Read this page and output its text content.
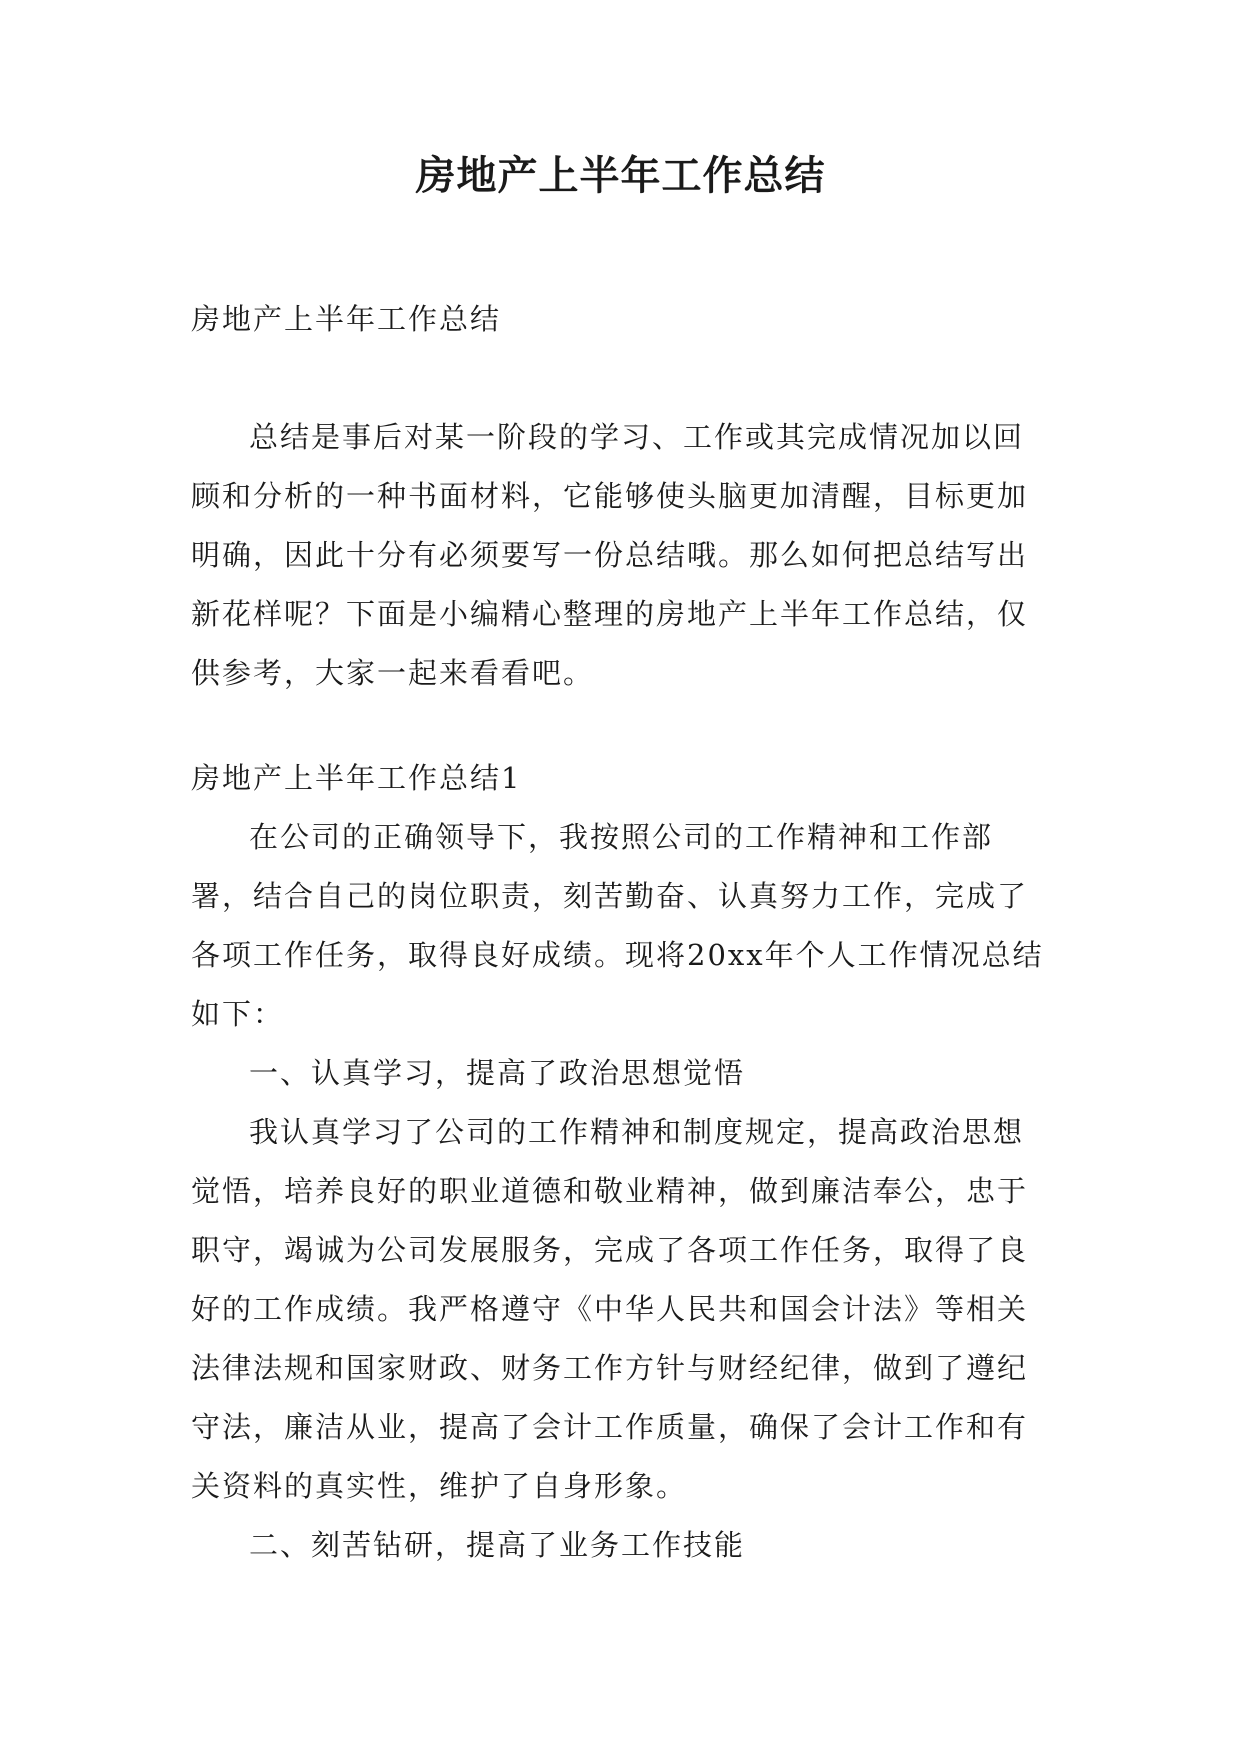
房地产上半年工作总结

房地产上半年工作总结

总结是事后对某一阶段的学习、工作或其完成情况加以回顾和分析的一种书面材料，它能够使头脑更加清醒，目标更加明确，因此十分有必须要写一份总结哦。那么如何把总结写出新花样呢？下面是小编精心整理的房地产上半年工作总结，仅供参考，大家一起来看看吧。

房地产上半年工作总结1

在公司的正确领导下，我按照公司的工作精神和工作部署，结合自己的岗位职责，刻苦勤奋、认真努力工作，完成了各项工作任务，取得良好成绩。现将20xx年个人工作情况总结如下：

一、认真学习，提高了政治思想觉悟

我认真学习了公司的工作精神和制度规定，提高政治思想觉悟，培养良好的职业道德和敬业精神，做到廉洁奉公，忠于职守，竭诚为公司发展服务，完成了各项工作任务，取得了良好的工作成绩。我严格遵守《中华人民共和国会计法》等相关法律法规和国家财政、财务工作方针与财经纪律，做到了遵纪守法，廉洁从业，提高了会计工作质量，确保了会计工作和有关资料的真实性，维护了自身形象。

二、刻苦钻研，提高了业务工作技能
